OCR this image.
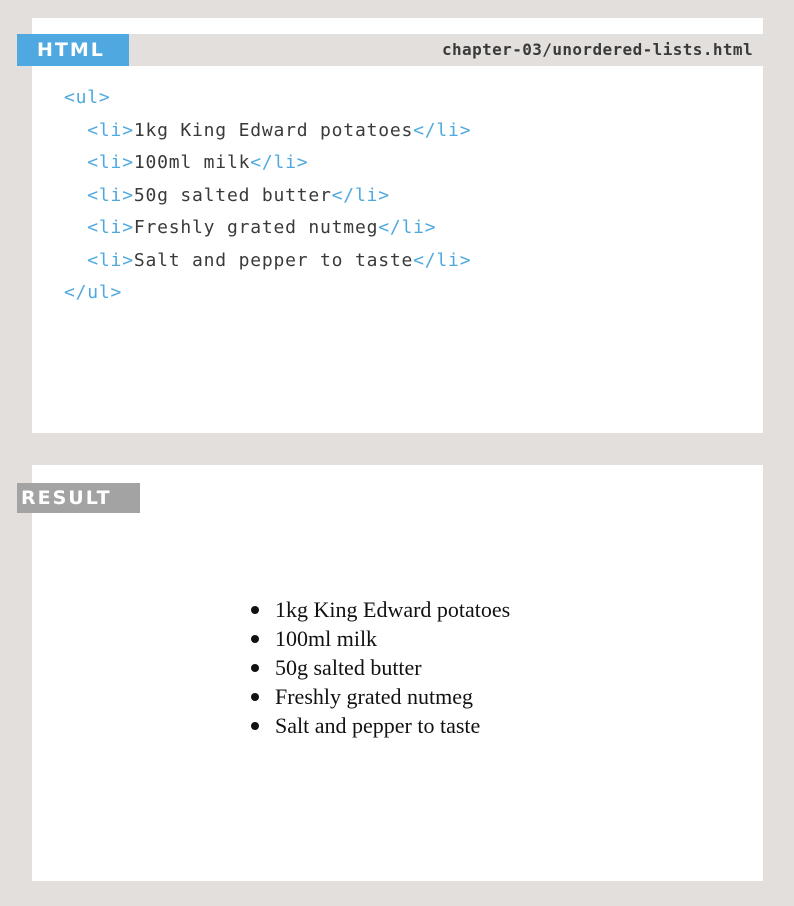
HTML	chapter-03/unordered-lists.html

<ul>
<li>1kg King Edward potatoes</li>
<li>100ml milk</li>
<li>50g salted butter</li>
<li>Freshly grated nutmeg</li>
<li>Salt and pepper to taste</li>
</ul>
RESULT
1kg King Edward potatoes
100ml milk
50g salted butter
Freshly grated nutmeg
Salt and pepper to taste
